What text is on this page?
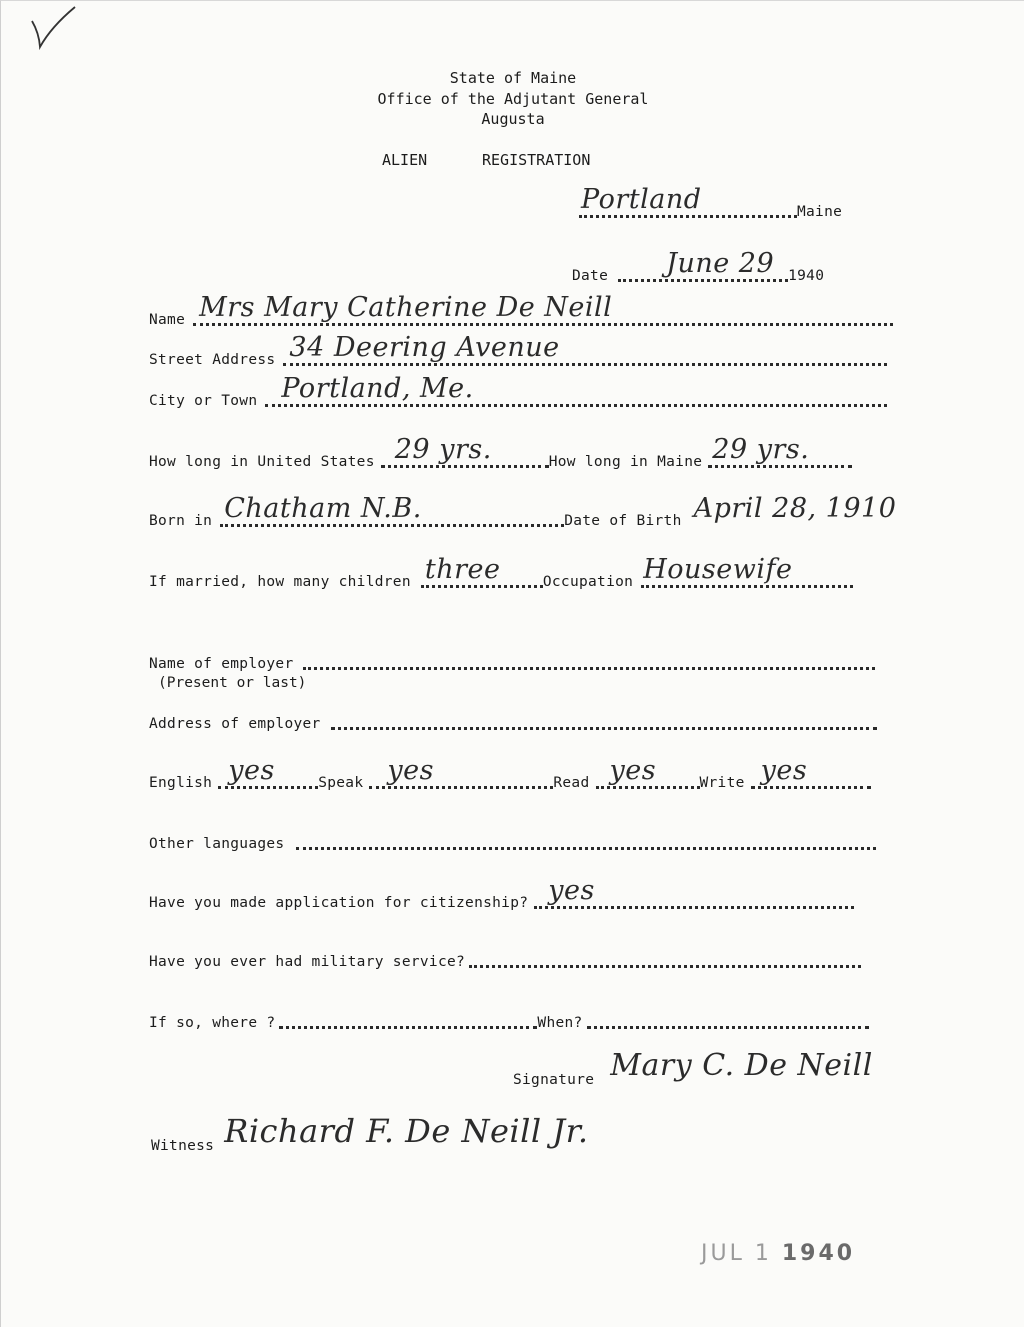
State of Maine
Office of the Adjutant General
Augusta
ALIEN	REGISTRATION
Portland	Maine
Date June 29 1940
Name Mrs Mary Catherine De Neill
Street Address 34 Deering Avenue
City or Town Portland, Me.
How long in United States 29 yrs.	How long in Maine 29 yrs.
Born in Chatham N.B.	Date of Birth April 28, 1910
If married, how many children three	Occupation Housewife
Name of employer
(Present or last)
Address of employer
English yes	Speak yes	Read yes	Write yes
Other languages
Have you made application for citizenship? yes
Have you ever had military service?
If so, where ?	When?
Signature Mary C. De Neill
Witness Richard F. De Neill Jr.
JUL 1 1940
